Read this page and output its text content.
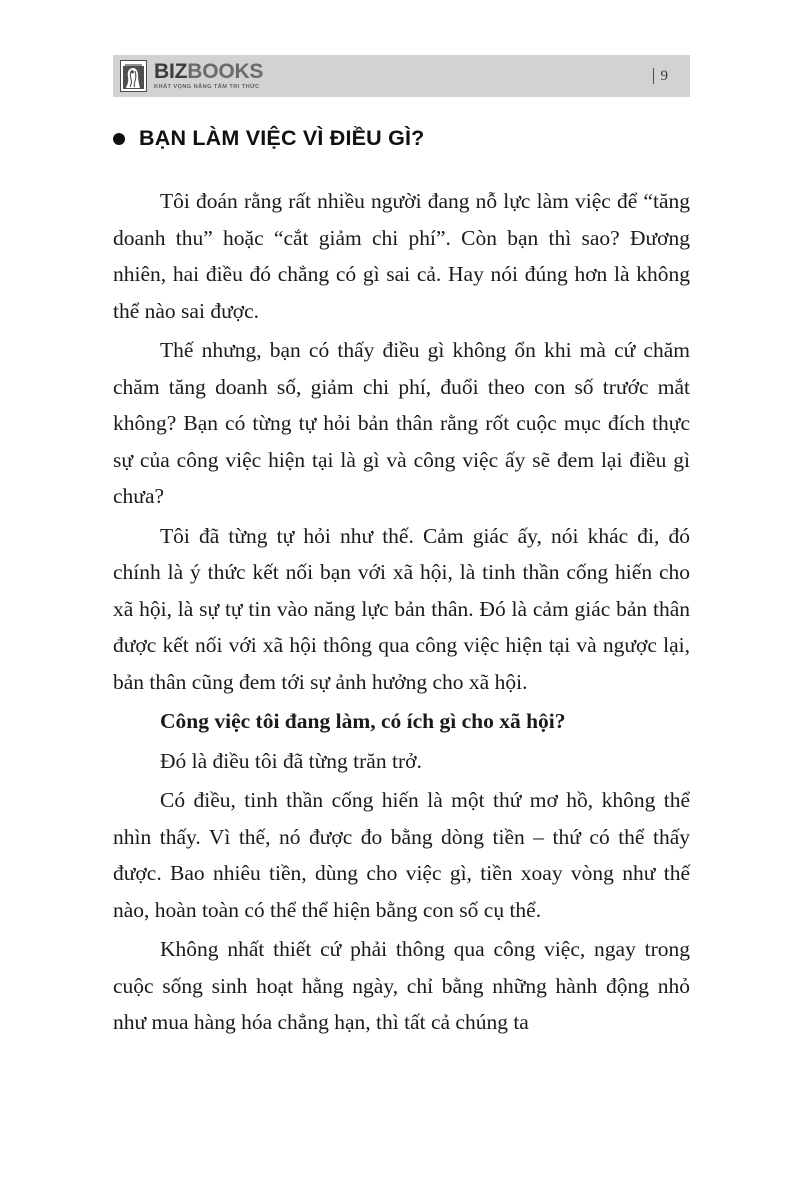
BIZBOOKS
KHÁT VỌNG NÂNG TẦM TRI THỨC
9
BẠN LÀM VIỆC VÌ ĐIỀU GÌ?

Tôi đoán rằng rất nhiều người đang nỗ lực làm việc để “tăng doanh thu” hoặc “cắt giảm chi phí”. Còn bạn thì sao? Đương nhiên, hai điều đó chẳng có gì sai cả. Hay nói đúng hơn là không thể nào sai được.

Thế nhưng, bạn có thấy điều gì không ổn khi mà cứ chăm chăm tăng doanh số, giảm chi phí, đuổi theo con số trước mắt không? Bạn có từng tự hỏi bản thân rằng rốt cuộc mục đích thực sự của công việc hiện tại là gì và công việc ấy sẽ đem lại điều gì chưa?

Tôi đã từng tự hỏi như thế. Cảm giác ấy, nói khác đi, đó chính là ý thức kết nối bạn với xã hội, là tinh thần cống hiến cho xã hội, là sự tự tin vào năng lực bản thân. Đó là cảm giác bản thân được kết nối với xã hội thông qua công việc hiện tại và ngược lại, bản thân cũng đem tới sự ảnh hưởng cho xã hội.

Công việc tôi đang làm, có ích gì cho xã hội?

Đó là điều tôi đã từng trăn trở.

Có điều, tinh thần cống hiến là một thứ mơ hồ, không thể nhìn thấy. Vì thế, nó được đo bằng dòng tiền – thứ có thể thấy được. Bao nhiêu tiền, dùng cho việc gì, tiền xoay vòng như thế nào, hoàn toàn có thể thể hiện bằng con số cụ thể.

Không nhất thiết cứ phải thông qua công việc, ngay trong cuộc sống sinh hoạt hằng ngày, chỉ bằng những hành động nhỏ như mua hàng hóa chẳng hạn, thì tất cả chúng ta
